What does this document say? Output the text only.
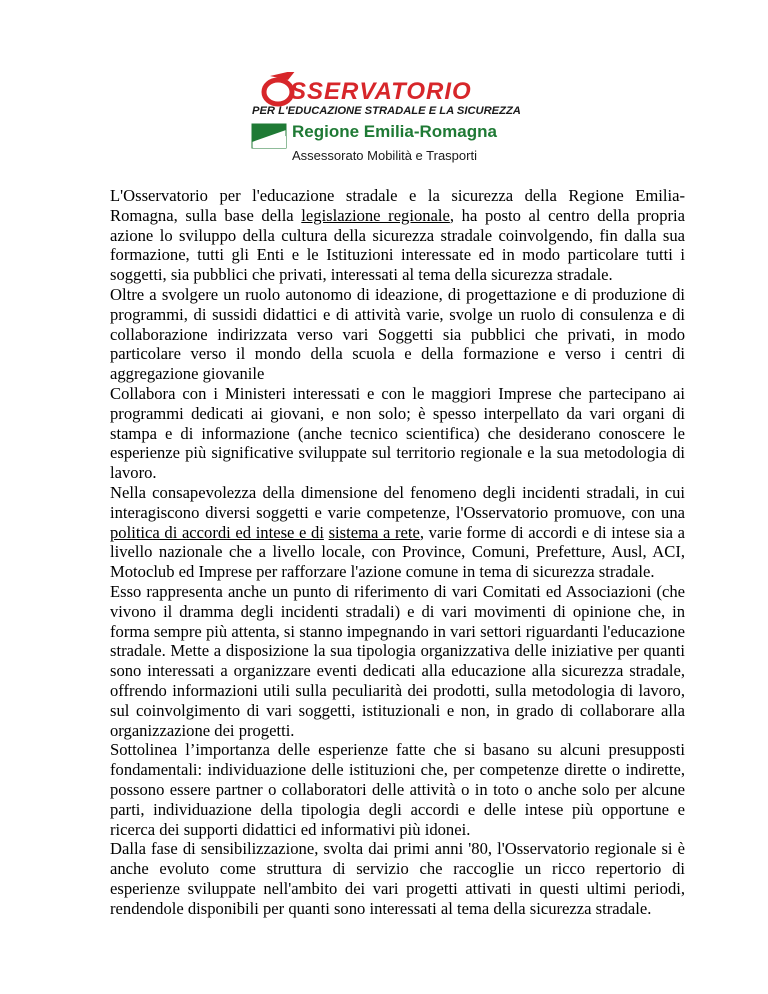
SSERVATORIO
PER L'EDUCAZIONE STRADALE E LA SICUREZZA
Regione Emilia-Romagna
Assessorato Mobilità e Trasporti

L'Osservatorio per l'educazione stradale e la sicurezza della Regione Emilia-Romagna, sulla base della legislazione regionale, ha posto al centro della propria azione lo sviluppo della cultura della sicurezza stradale coinvolgendo, fin dalla sua formazione, tutti gli Enti e le Istituzioni interessate ed in modo particolare tutti i soggetti, sia pubblici che privati, interessati al tema della sicurezza stradale.

Oltre a svolgere un ruolo autonomo di ideazione, di progettazione e di produzione di programmi, di sussidi didattici e di attività varie, svolge un ruolo di consulenza e di collaborazione indirizzata verso vari Soggetti sia pubblici che privati, in modo particolare verso il mondo della scuola e della formazione e verso i centri di aggregazione giovanile

Collabora con i Ministeri interessati e con le maggiori Imprese che partecipano ai programmi dedicati ai giovani, e non solo; è spesso interpellato da vari organi di stampa e di informazione (anche tecnico scientifica) che desiderano conoscere le esperienze più significative sviluppate sul territorio regionale e la sua metodologia di lavoro.

Nella consapevolezza della dimensione del fenomeno degli incidenti stradali, in cui interagiscono diversi soggetti e varie competenze, l'Osservatorio promuove, con una politica di accordi ed intese e di sistema a rete, varie forme di accordi e di intese sia a livello nazionale che a livello locale, con Province, Comuni, Prefetture, Ausl, ACI, Motoclub ed Imprese per rafforzare l'azione comune in tema di sicurezza stradale.

Esso rappresenta anche un punto di riferimento di vari Comitati ed Associazioni (che vivono il dramma degli incidenti stradali) e di vari movimenti di opinione che, in forma sempre più attenta, si stanno impegnando in vari settori riguardanti l'educazione stradale. Mette a disposizione la sua tipologia organizzativa delle iniziative per quanti sono interessati a organizzare eventi dedicati alla educazione alla sicurezza stradale, offrendo informazioni utili sulla peculiarità dei prodotti, sulla metodologia di lavoro, sul coinvolgimento di vari soggetti, istituzionali e non, in grado di collaborare alla organizzazione dei progetti.

Sottolinea l’importanza delle esperienze fatte che si basano su alcuni presupposti fondamentali: individuazione delle istituzioni che, per competenze dirette o indirette, possono essere partner o collaboratori delle attività o in toto o anche solo per alcune parti, individuazione della tipologia degli accordi e delle intese più opportune e ricerca dei supporti didattici ed informativi più idonei.

Dalla fase di sensibilizzazione, svolta dai primi anni '80, l'Osservatorio regionale si è anche evoluto come struttura di servizio che raccoglie un ricco repertorio di esperienze sviluppate nell'ambito dei vari progetti attivati in questi ultimi periodi, rendendole disponibili per quanti sono interessati al tema della sicurezza stradale.
